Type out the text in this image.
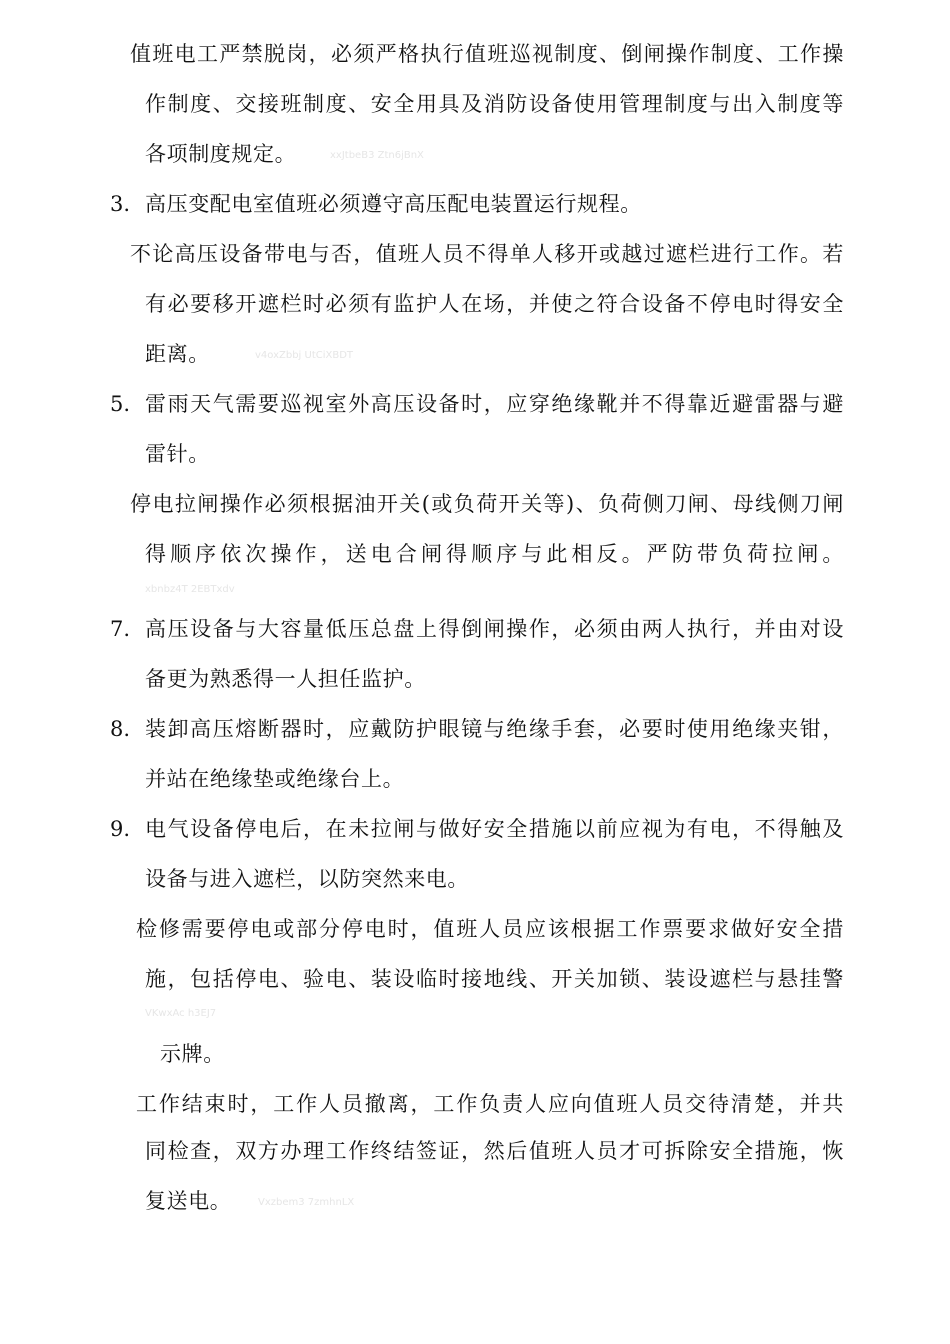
值班电工严禁脱岗，必须严格执行值班巡视制度、倒闸操作制度、工作操

作制度、交接班制度、安全用具及消防设备使用管理制度与出入制度等

各项制度规定。	xxJtbeB3 Ztn6jBnX

3. 高压变配电室值班必须遵守高压配电装置运行规程。

不论高压设备带电与否，值班人员不得单人移开或越过遮栏进行工作。若

有必要移开遮栏时必须有监护人在场，并使之符合设备不停电时得安全

距离。	v4oxZbbj UtCiXBDT

5. 雷雨天气需要巡视室外高压设备时，应穿绝缘靴并不得靠近避雷器与避

雷针。

停电拉闸操作必须根据油开关(或负荷开关等)、负荷侧刀闸、母线侧刀闸

得顺序依次操作，送电合闸得顺序与此相反。严防带负荷拉闸。

xbnbz4T 2EBTxdv

7. 高压设备与大容量低压总盘上得倒闸操作，必须由两人执行，并由对设

备更为熟悉得一人担任监护。

8. 装卸高压熔断器时，应戴防护眼镜与绝缘手套，必要时使用绝缘夹钳，

并站在绝缘垫或绝缘台上。

9. 电气设备停电后，在未拉闸与做好安全措施以前应视为有电，不得触及

设备与进入遮栏，以防突然来电。

检修需要停电或部分停电时，值班人员应该根据工作票要求做好安全措

施，包括停电、验电、装设临时接地线、开关加锁、装设遮栏与悬挂警

VKwxAc h3EJ7

示牌。

工作结束时，工作人员撤离，工作负责人应向值班人员交待清楚，并共

同检查，双方办理工作终结签证，然后值班人员才可拆除安全措施，恢

复送电。	Vxzbem3 7zmhnLX
